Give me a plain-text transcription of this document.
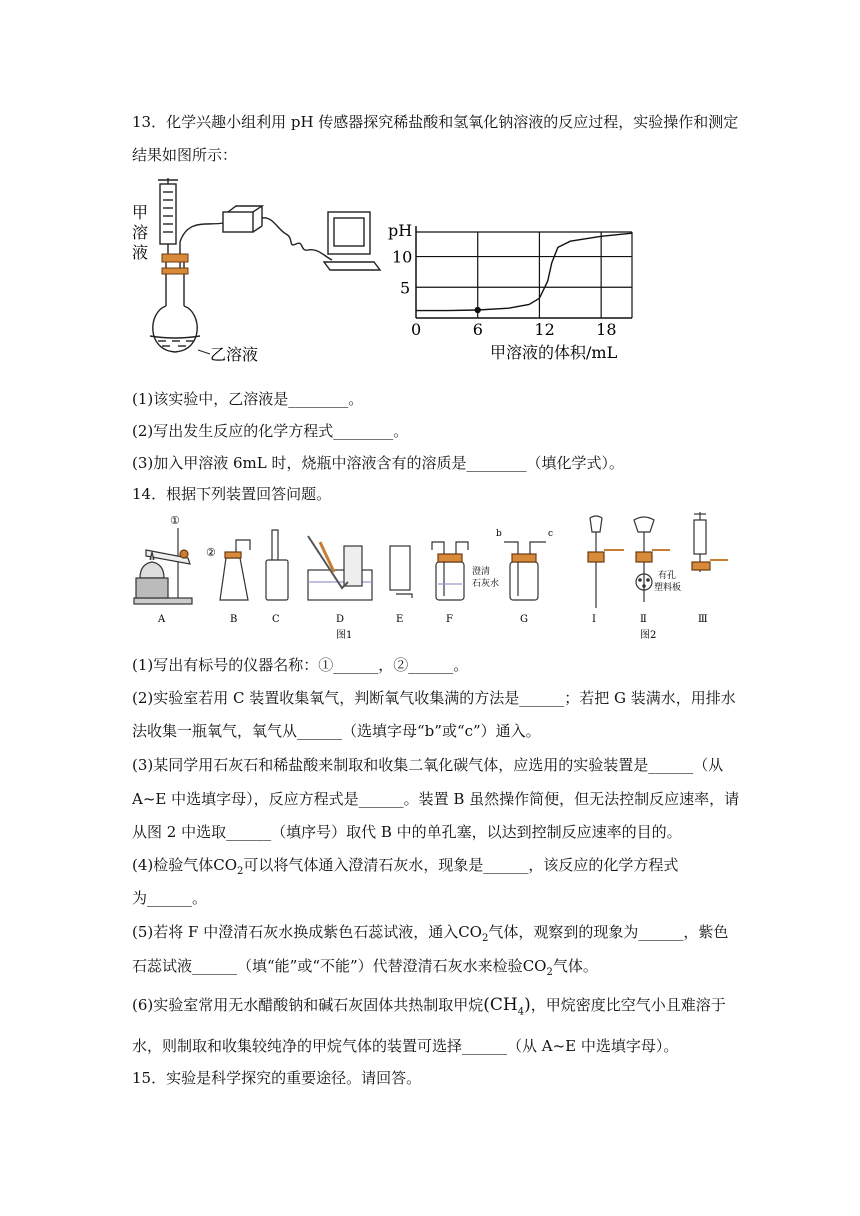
13．化学兴趣小组利用 pH 传感器探究稀盐酸和氢氧化钠溶液的反应过程，实验操作和测定
结果如图所示：
甲
溶
液
乙溶液
0	6	12	18
5
10
pH
甲溶液的体积/mL
(1)该实验中，乙溶液是________。
(2)写出发生反应的化学方程式________。
(3)加入甲溶液 6mL 时，烧瓶中溶液含有的溶质是________（填化学式）。
14．根据下列装置回答问题。
①
②
澄清
石灰水
b	c
A	B	C	D	E	F	G
图1
有孔
塑料板
Ⅰ	Ⅱ	Ⅲ
图2
(1)写出有标号的仪器名称：①______，②______。
(2)实验室若用 C 装置收集氧气，判断氧气收集满的方法是______；若把 G 装满水，用排水
法收集一瓶氧气，氧气从______（选填字母“b”或“c”）通入。
(3)某同学用石灰石和稀盐酸来制取和收集二氧化碳气体，应选用的实验装置是______（从
A~E 中选填字母），反应方程式是______。装置 B 虽然操作简便，但无法控制反应速率，请
从图 2 中选取______（填序号）取代 B 中的单孔塞，以达到控制反应速率的目的。
(4)检验气体$CO_2$可以将气体通入澄清石灰水，现象是______，该反应的化学方程式
为______。
(5)若将 F 中澄清石灰水换成紫色石蕊试液，通入$CO_2$气体，观察到的现象为______，紫色
石蕊试液______（填“能”或“不能”）代替澄清石灰水来检验$CO_2$气体。
(6)实验室常用无水醋酸钠和碱石灰固体共热制取甲烷$(CH_4)$，甲烷密度比空气小且难溶于
水，则制取和收集较纯净的甲烷气体的装置可选择______（从 A~E 中选填字母）。
15．实验是科学探究的重要途径。请回答。
